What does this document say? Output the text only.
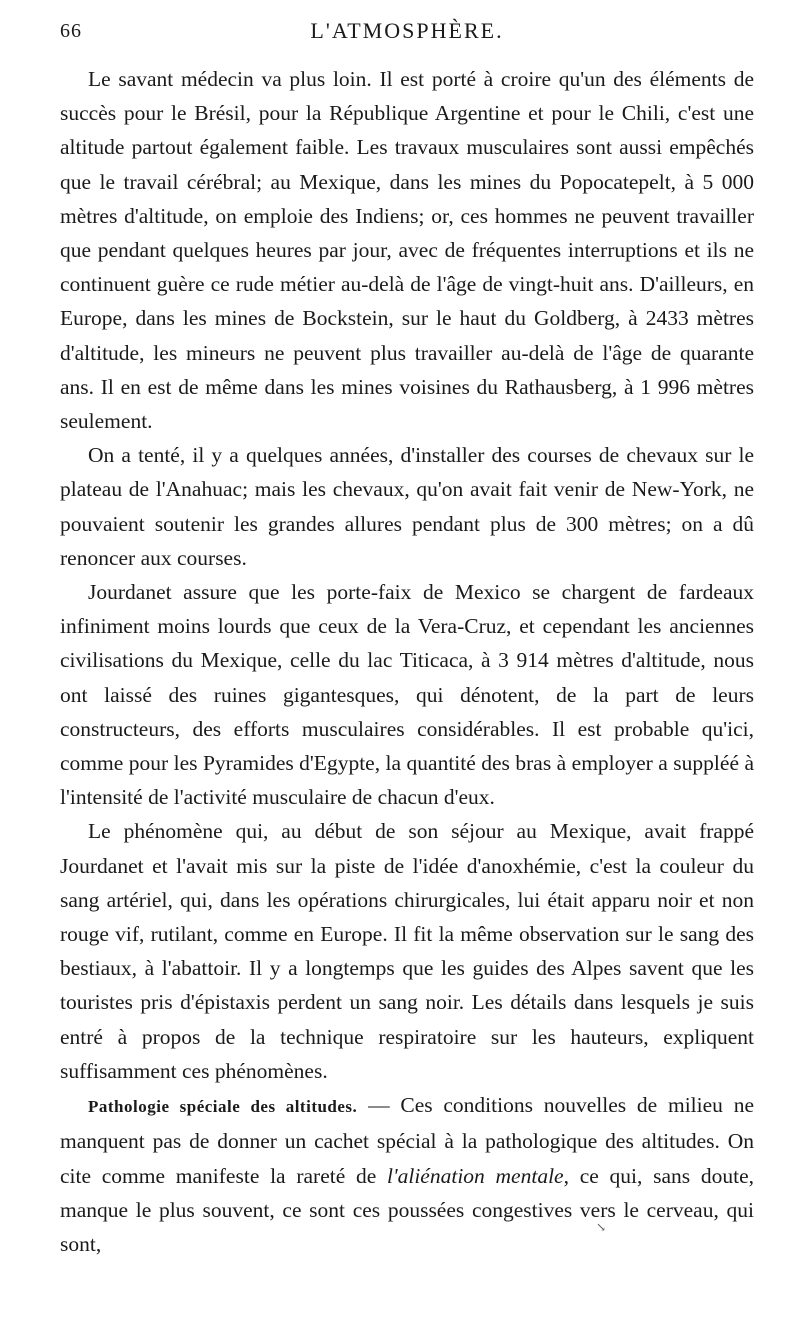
66	L'ATMOSPHÈRE.

Le savant médecin va plus loin. Il est porté à croire qu'un des éléments de succès pour le Brésil, pour la République Argentine et pour le Chili, c'est une altitude partout également faible. Les travaux musculaires sont aussi empêchés que le travail cérébral; au Mexique, dans les mines du Popocatepelt, à 5 000 mètres d'altitude, on emploie des Indiens; or, ces hommes ne peuvent travailler que pendant quelques heures par jour, avec de fréquentes interruptions et ils ne continuent guère ce rude métier au-delà de l'âge de vingt-huit ans. D'ailleurs, en Europe, dans les mines de Bockstein, sur le haut du Goldberg, à 2433 mètres d'altitude, les mineurs ne peuvent plus travailler au-delà de l'âge de quarante ans. Il en est de même dans les mines voisines du Rathausberg, à 1 996 mètres seulement.

On a tenté, il y a quelques années, d'installer des courses de chevaux sur le plateau de l'Anahuac; mais les chevaux, qu'on avait fait venir de New-York, ne pouvaient soutenir les grandes allures pendant plus de 300 mètres; on a dû renoncer aux courses.

Jourdanet assure que les porte-faix de Mexico se chargent de fardeaux infiniment moins lourds que ceux de la Vera-Cruz, et cependant les anciennes civilisations du Mexique, celle du lac Titicaca, à 3 914 mètres d'altitude, nous ont laissé des ruines gigantesques, qui dénotent, de la part de leurs constructeurs, des efforts musculaires considérables. Il est probable qu'ici, comme pour les Pyramides d'Egypte, la quantité des bras à employer a suppléé à l'intensité de l'activité musculaire de chacun d'eux.

Le phénomène qui, au début de son séjour au Mexique, avait frappé Jourdanet et l'avait mis sur la piste de l'idée d'anoxhémie, c'est la couleur du sang artériel, qui, dans les opérations chirurgicales, lui était apparu noir et non rouge vif, rutilant, comme en Europe. Il fit la même observation sur le sang des bestiaux, à l'abattoir. Il y a longtemps que les guides des Alpes savent que les touristes pris d'épistaxis perdent un sang noir. Les détails dans lesquels je suis entré à propos de la technique respiratoire sur les hauteurs, expliquent suffisamment ces phénomènes.

Pathologie spéciale des altitudes. — Ces conditions nouvelles de milieu ne manquent pas de donner un cachet spécial à la pathologique des altitudes. On cite comme manifeste la rareté de l'aliénation mentale, ce qui, sans doute, manque le plus souvent, ce sont ces poussées congestives vers le cerveau, qui sont,

↘
